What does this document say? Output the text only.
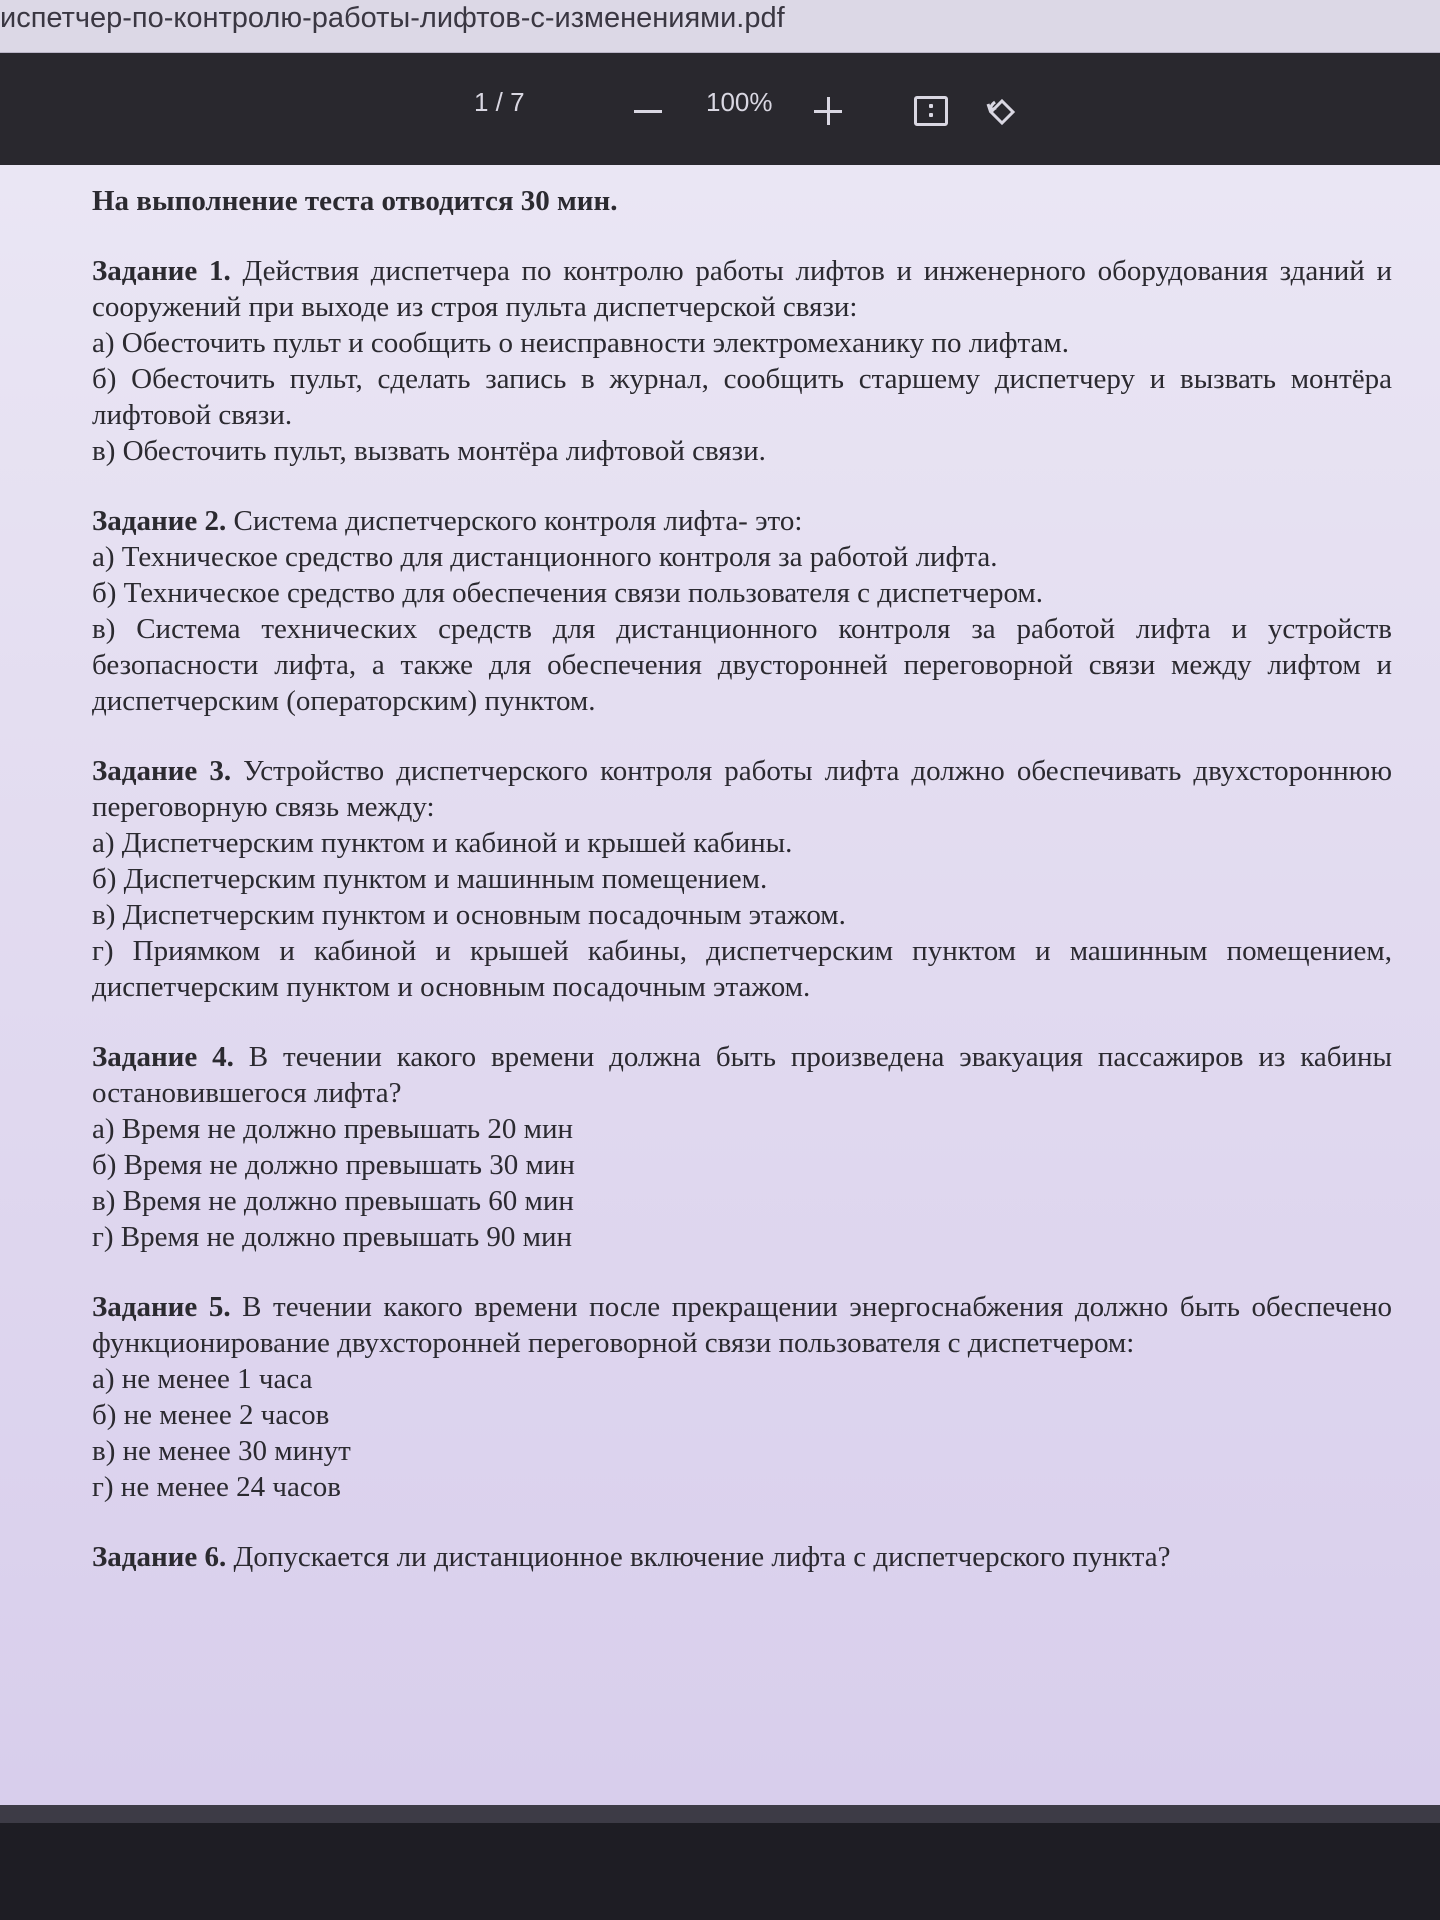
испетчер-по-контролю-работы-лифтов-с-изменениями.pdf
1 / 7	100%

На выполнение теста отводится 30 мин.

Задание 1. Действия диспетчера по контролю работы лифтов и инженерного оборудования зданий и сооружений при выходе из строя пульта диспетчерской связи:

а) Обесточить пульт и сообщить о неисправности электромеханику по лифтам.

б) Обесточить пульт, сделать запись в журнал, сообщить старшему диспетчеру и вызвать монтёра лифтовой связи.

в) Обесточить пульт, вызвать монтёра лифтовой связи.

Задание 2. Система диспетчерского контроля лифта- это:

а) Техническое средство для дистанционного контроля за работой лифта.

б) Техническое средство для обеспечения связи пользователя с диспетчером.

в) Система технических средств для дистанционного контроля за работой лифта и устройств безопасности лифта, а также для обеспечения двусторонней переговорной связи между лифтом и диспетчерским (операторским) пунктом.

Задание 3. Устройство диспетчерского контроля работы лифта должно обеспечивать двухстороннюю переговорную связь между:

а) Диспетчерским пунктом и кабиной и крышей кабины.

б) Диспетчерским пунктом и машинным помещением.

в) Диспетчерским пунктом и основным посадочным этажом.

г) Приямком и кабиной и крышей кабины, диспетчерским пунктом и машинным помещением, диспетчерским пунктом и основным посадочным этажом.

Задание 4. В течении какого времени должна быть произведена эвакуация пассажиров из кабины остановившегося лифта?

а) Время не должно превышать 20 мин

б) Время не должно превышать 30 мин

в) Время не должно превышать 60 мин

г) Время не должно превышать 90 мин

Задание 5. В течении какого времени после прекращении энергоснабжения должно быть обеспечено функционирование двухсторонней переговорной связи пользователя с диспетчером:

а) не менее 1 часа

б) не менее 2 часов

в) не менее 30 минут

г) не менее 24 часов

Задание 6. Допускается ли дистанционное включение лифта с диспетчерского пункта?
